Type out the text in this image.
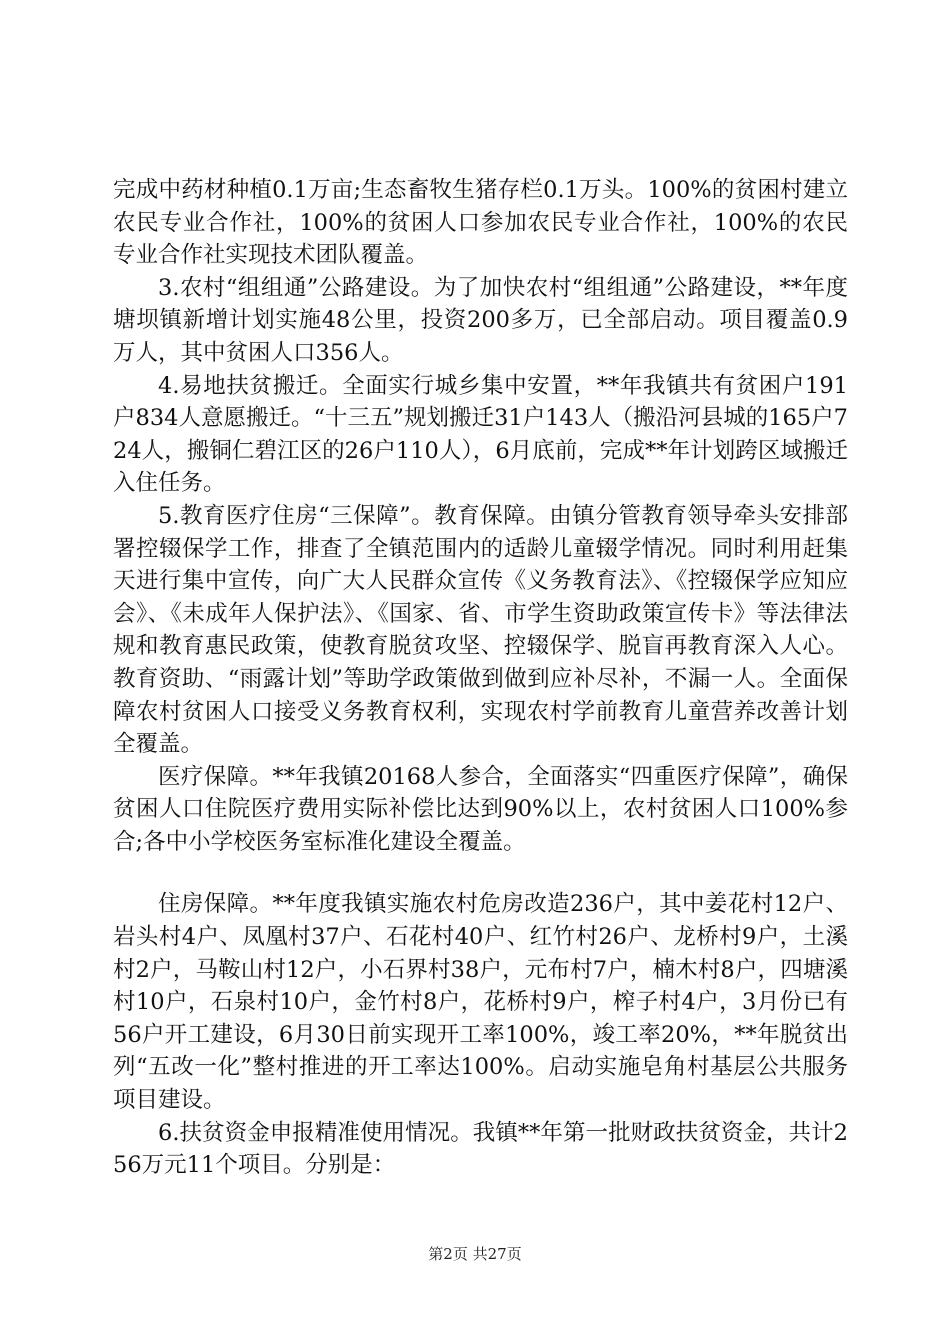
完成中药材种植0.1万亩;生态畜牧生猪存栏0.1万头。100%的贫困村建立农民专业合作社，100%的贫困人口参加农民专业合作社，100%的农民专业合作社实现技术团队覆盖。

3.农村“组组通”公路建设。为了加快农村“组组通”公路建设，**年度塘坝镇新增计划实施48公里，投资200多万，已全部启动。项目覆盖0.9万人，其中贫困人口356人。

4.易地扶贫搬迁。全面实行城乡集中安置，**年我镇共有贫困户191户834人意愿搬迁。“十三五”规划搬迁31户143人（搬沿河县城的165户724人，搬铜仁碧江区的26户110人），6月底前，完成**年计划跨区域搬迁入住任务。

5.教育医疗住房“三保障”。教育保障。由镇分管教育领导牵头安排部署控辍保学工作，排查了全镇范围内的适龄儿童辍学情况。同时利用赶集天进行集中宣传，向广大人民群众宣传《义务教育法》、《控辍保学应知应会》、《未成年人保护法》、《国家、省、市学生资助政策宣传卡》等法律法规和教育惠民政策，使教育脱贫攻坚、控辍保学、脱盲再教育深入人心。教育资助、“雨露计划”等助学政策做到做到应补尽补，不漏一人。全面保障农村贫困人口接受义务教育权利，实现农村学前教育儿童营养改善计划全覆盖。

医疗保障。**年我镇20168人参合，全面落实“四重医疗保障”，确保贫困人口住院医疗费用实际补偿比达到90%以上，农村贫困人口100%参合;各中小学校医务室标准化建设全覆盖。

住房保障。**年度我镇实施农村危房改造236户，其中姜花村12户、岩头村4户、凤凰村37户、石花村40户、红竹村26户、龙桥村9户，土溪村2户，马鞍山村12户，小石界村38户，元布村7户，楠木村8户，四塘溪村10户，石泉村10户，金竹村8户，花桥村9户，榨子村4户，3月份已有56户开工建设，6月30日前实现开工率100%，竣工率20%，**年脱贫出列“五改一化”整村推进的开工率达100%。启动实施皂角村基层公共服务项目建设。

6.扶贫资金申报精准使用情况。我镇**年第一批财政扶贫资金，共计256万元11个项目。分别是：

第2页 共27页
